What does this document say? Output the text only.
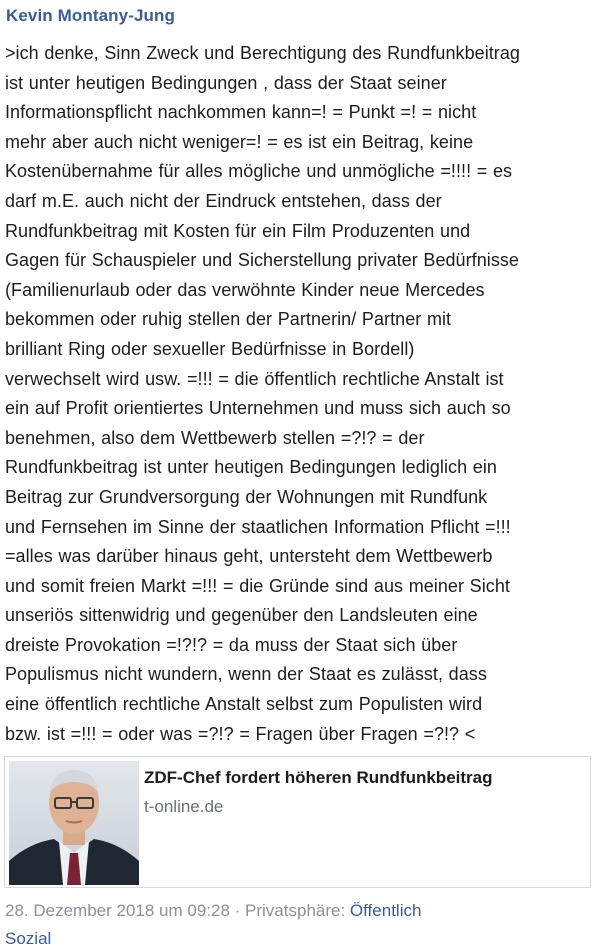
Kevin Montany-Jung
>ich denke, Sinn Zweck und Berechtigung des Rundfunkbeitrag
ist unter heutigen Bedingungen , dass der Staat seiner
Informationspflicht nachkommen kann=! = Punkt =! = nicht
mehr aber auch nicht weniger=! = es ist ein Beitrag, keine
Kostenübernahme für alles mögliche und unmögliche =!!!! = es
darf m.E. auch nicht der Eindruck entstehen, dass der
Rundfunkbeitrag mit Kosten für ein Film Produzenten und
Gagen für Schauspieler und Sicherstellung privater Bedürfnisse
(Familienurlaub oder das verwöhnte Kinder neue Mercedes
bekommen oder ruhig stellen der Partnerin/ Partner mit
brilliant Ring oder sexueller Bedürfnisse in Bordell)
verwechselt wird usw. =!!! = die öffentlich rechtliche Anstalt ist
ein auf Profit orientiertes Unternehmen und muss sich auch so
benehmen, also dem Wettbewerb stellen =?!? = der
Rundfunkbeitrag ist unter heutigen Bedingungen lediglich ein
Beitrag zur Grundversorgung der Wohnungen mit Rundfunk
und Fernsehen im Sinne der staatlichen Information Pflicht =!!!
=alles was darüber hinaus geht, untersteht dem Wettbewerb
und somit freien Markt =!!! = die Gründe sind aus meiner Sicht
unseriös sittenwidrig und gegenüber den Landsleuten eine
dreiste Provokation =!?!? = da muss der Staat sich über
Populismus nicht wundern, wenn der Staat es zulässt, dass
eine öffentlich rechtliche Anstalt selbst zum Populisten wird
bzw. ist =!!! = oder was =?!? = Fragen über Fragen =?!? <
ZDF-Chef fordert höheren Rundfunkbeitrag
t-online.de
28. Dezember 2018 um 09:28 · Privatsphäre: Öffentlich
Sozial
